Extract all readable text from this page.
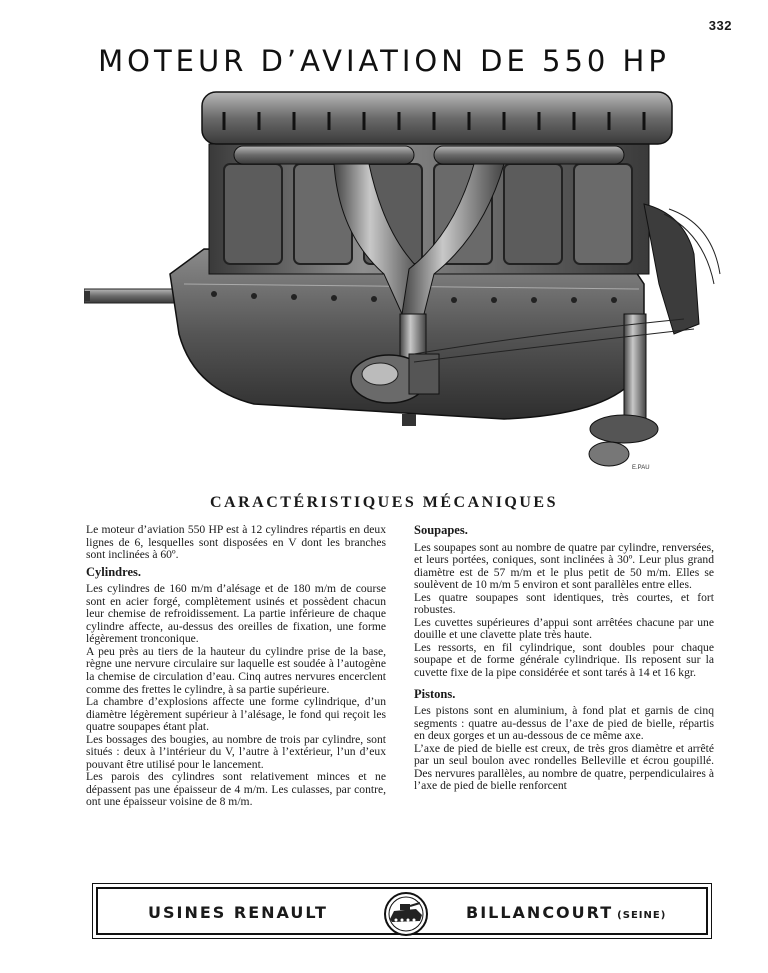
332
MOTEUR D’AVIATION DE 550 HP
E.PAU
CARACTÉRISTIQUES MÉCANIQUES

Le moteur d’aviation 550 HP est à 12 cylindres répartis en deux lignes de 6, lesquelles sont disposées en V dont les branches sont inclinées à 60º.

Cylindres.

Les cylindres de 160 m/m d’alésage et de 180 m/m de course sont en acier forgé, complètement usinés et possèdent chacun leur chemise de refroidissement. La partie inférieure de chaque cylindre affecte, au-dessus des oreilles de fixation, une forme légèrement tronconique.

A peu près au tiers de la hauteur du cylindre prise de la base, règne une nervure circulaire sur laquelle est soudée à l’autogène la chemise de circulation d’eau. Cinq autres nervures encerclent comme des frettes le cylindre, à sa partie supérieure.

La chambre d’explosions affecte une forme cylindrique, d’un diamètre légèrement supérieur à l’alésage, le fond qui reçoit les quatre soupapes étant plat.

Les bossages des bougies, au nombre de trois par cylindre, sont situés : deux à l’intérieur du V, l’autre à l’extérieur, l’un d’eux pouvant être utilisé pour le lancement.

Les parois des cylindres sont relativement minces et ne dépassent pas une épaisseur de 4 m/m. Les culasses, par contre, ont une épaisseur voisine de 8 m/m.

Soupapes.

Les soupapes sont au nombre de quatre par cylindre, renversées, et leurs portées, coniques, sont inclinées à 30º. Leur plus grand diamètre est de 57 m/m et le plus petit de 50 m/m. Elles se soulèvent de 10 m/m 5 environ et sont parallèles entre elles.

Les quatre soupapes sont identiques, très courtes, et fort robustes.

Les cuvettes supérieures d’appui sont arrêtées chacune par une douille et une clavette plate très haute.

Les ressorts, en fil cylindrique, sont doubles pour chaque soupape et de forme générale cylindrique. Ils reposent sur la cuvette fixe de la pipe considérée et sont tarés à 14 et 16 kgr.

Pistons.

Les pistons sont en aluminium, à fond plat et garnis de cinq segments : quatre au-dessus de l’axe de pied de bielle, répartis en deux gorges et un au-dessous de ce même axe.

L’axe de pied de bielle est creux, de très gros diamètre et arrêté par un seul boulon avec rondelles Belleville et écrou goupillé. Des nervures parallèles, au nombre de quatre, perpendiculaires à l’axe de pied de bielle renforcent

USINES RENAULT	BILLANCOURT (SEINE)
